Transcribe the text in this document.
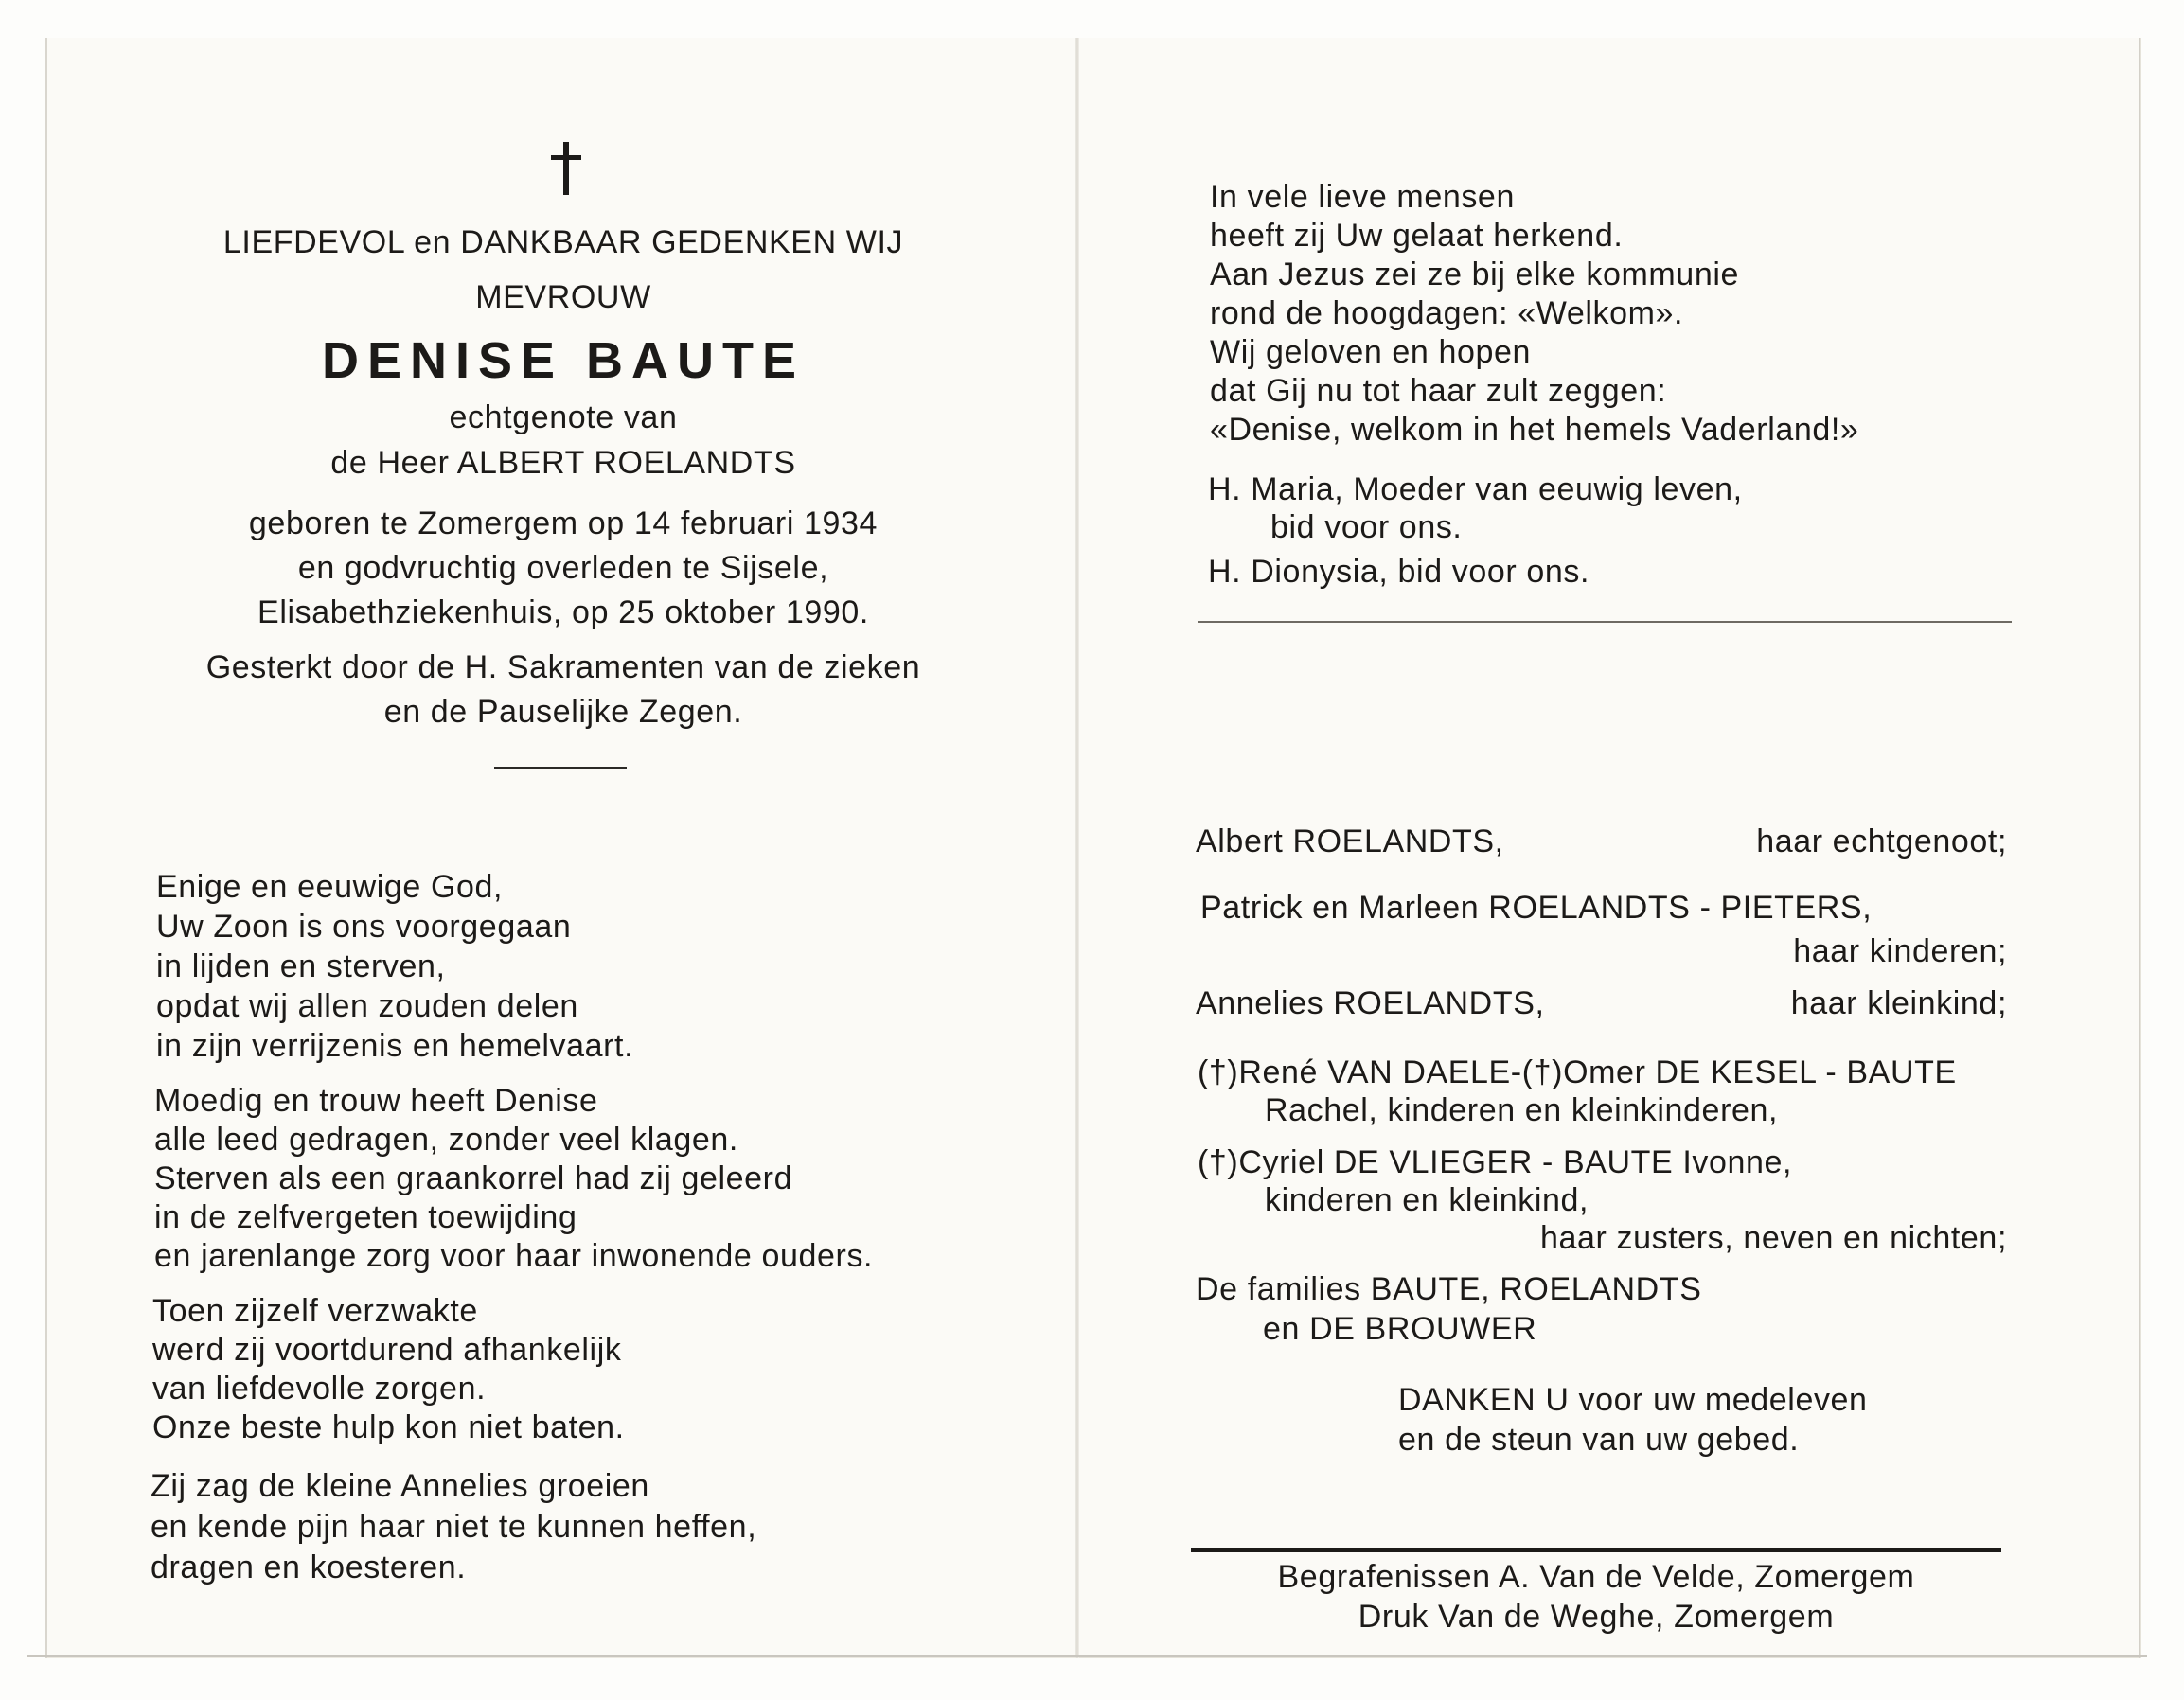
LIEFDEVOL en DANKBAAR GEDENKEN WIJ

MEVROUW

DENISE BAUTE

echtgenote van

de Heer ALBERT ROELANDTS

geboren te Zomergem op 14 februari 1934

en godvruchtig overleden te Sijsele,

Elisabethziekenhuis, op 25 oktober 1990.

Gesterkt door de H. Sakramenten van de zieken

en de Pauselijke Zegen.

Enige en eeuwige God,

Uw Zoon is ons voorgegaan

in lijden en sterven,

opdat wij allen zouden delen

in zijn verrijzenis en hemelvaart.

Moedig en trouw heeft Denise

alle leed gedragen, zonder veel klagen.

Sterven als een graankorrel had zij geleerd

in de zelfvergeten toewijding

en jarenlange zorg voor haar inwonende ouders.

Toen zijzelf verzwakte

werd zij voortdurend afhankelijk

van liefdevolle zorgen.

Onze beste hulp kon niet baten.

Zij zag de kleine Annelies groeien

en kende pijn haar niet te kunnen heffen,

dragen en koesteren.

In vele lieve mensen

heeft zij Uw gelaat herkend.

Aan Jezus zei ze bij elke kommunie

rond de hoogdagen: «Welkom».

Wij geloven en hopen

dat Gij nu tot haar zult zeggen:

«Denise, welkom in het hemels Vaderland!»

H. Maria, Moeder van eeuwig leven,

bid voor ons.

H. Dionysia, bid voor ons.

Albert ROELANDTS,	haar echtgenoot;

Patrick en Marleen ROELANDTS - PIETERS,

haar kinderen;
Annelies ROELANDTS,	haar kleinkind;

(†)René VAN DAELE-(†)Omer DE KESEL - BAUTE

Rachel, kinderen en kleinkinderen,

(†)Cyriel DE VLIEGER - BAUTE Ivonne,

kinderen en kleinkind,

haar zusters, neven en nichten;

De families BAUTE, ROELANDTS

en DE BROUWER

DANKEN U voor uw medeleven

en de steun van uw gebed.

Begrafenissen A. Van de Velde, Zomergem

Druk Van de Weghe, Zomergem
